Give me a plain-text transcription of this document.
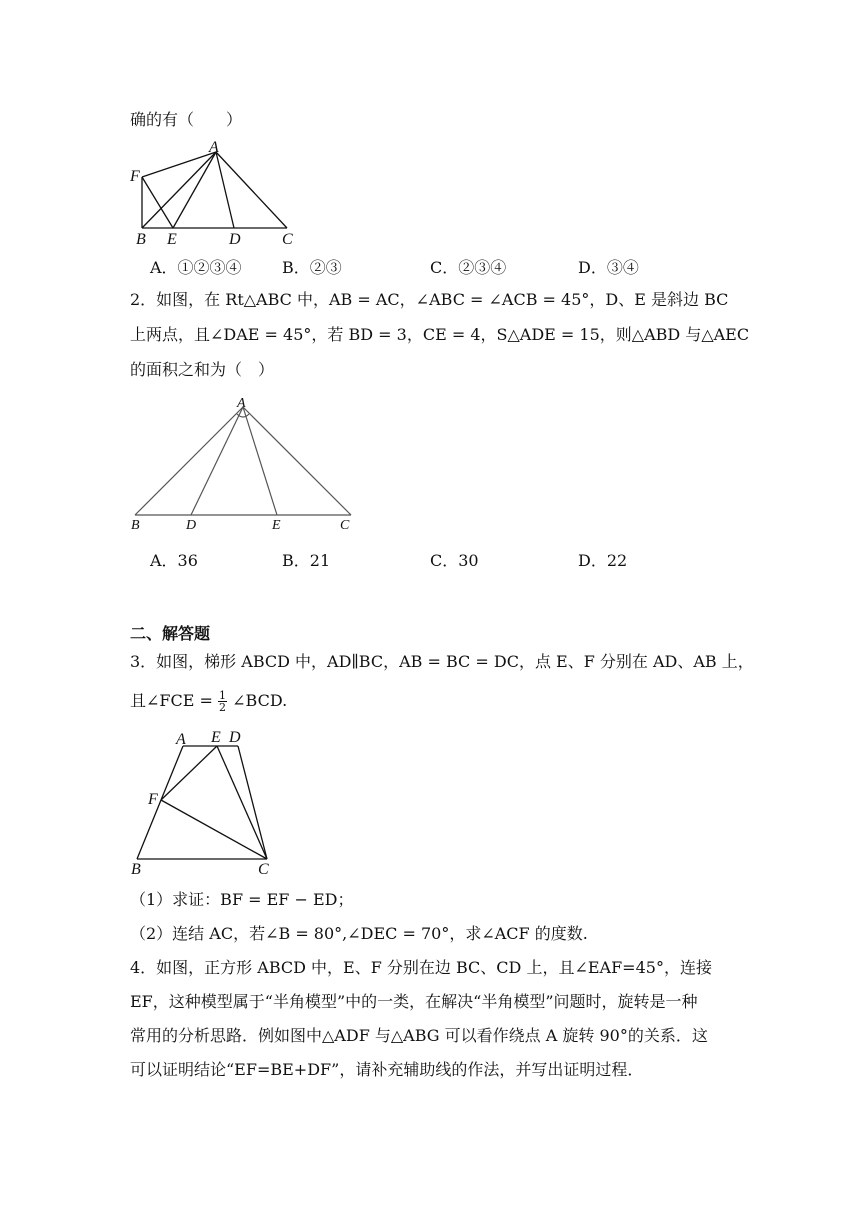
确的有（　　）
A
F
B E	D	C
A．①②③④	B．②③	C．②③④	D．③④
2．如图，在 Rt△ABC 中，AB = AC，∠ABC = ∠ACB = 45°，D、E 是斜边 BC
上两点，且∠DAE = 45°，若 BD = 3，CE = 4，S△ADE = 15，则△ABD 与△AEC
的面积之和为（　）
A
B	D	E	C
A．36	B．21	C．30	D．22
二、解答题
3．如图，梯形 ABCD 中，AD∥BC，AB = BC = DC，点 E、F 分别在 AD、AB 上，
且∠FCE = $\frac{1}{2}$ ∠BCD.
A E D
F
B	C
（1）求证：BF = EF − ED；
（2）连结 AC，若∠B = 80°,∠DEC = 70°，求∠ACF 的度数.
4．如图，正方形 ABCD 中，E、F 分别在边 BC、CD 上，且∠EAF=45°，连接
EF，这种模型属于“半角模型”中的一类，在解决“半角模型”问题时，旋转是一种
常用的分析思路．例如图中△ADF 与△ABG 可以看作绕点 A 旋转 90°的关系．这
可以证明结论“EF=BE+DF”，请补充辅助线的作法，并写出证明过程．
